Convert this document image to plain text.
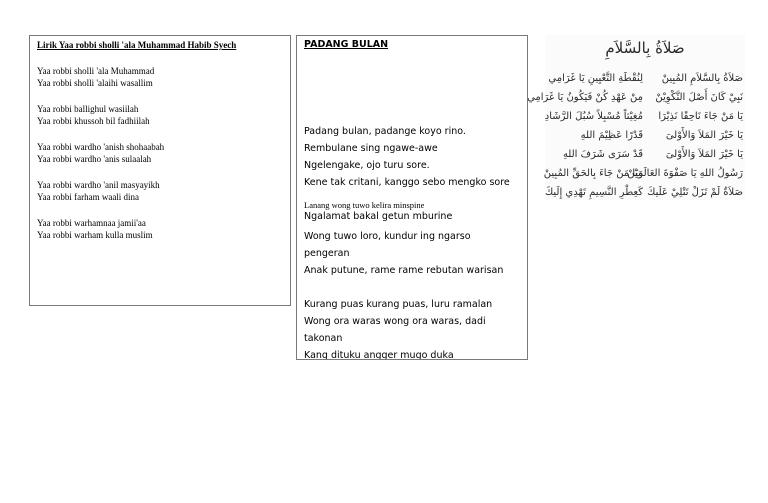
Lirik Yaa robbi sholli 'ala Muhammad Habib Syech
Yaa robbi sholli 'ala Muhammad
Yaa robbi sholli 'alaihi wasallim
Yaa robbi ballighul wasiilah
Yaa robbi khussoh bil fadhiilah
Yaa robbi wardho 'anish shohaabah
Yaa robbi wardho 'anis sulaalah
Yaa robbi wardho 'anil masyayikh
Yaa robbi farham waali dina
Yaa robbi warhamnaa jamii'aa
Yaa robbi warham kulla muslim
PADANG BULAN
Padang bulan, padange koyo rino.
Rembulane sing ngawe-awe
Ngelengake, ojo turu sore.
Kene tak critani, kanggo sebo mengko sore
Lanang wong tuwo kelira minspine
Ngalamat bakal getun mburine
Wong tuwo loro, kundur ing ngarso
pengeran
Anak putune, rame rame rebutan warisan
Kurang puas kurang puas, luru ramalan
Wong ora waras wong ora waras, dadi
takonan
Kang dituku angger mugo duka
صَلاَةُ بِالسَّلاَمِ
صَلاَةُ بِالسَّلاَمِ المُبِينْ
نَبِيْ كَانَ أَصْلَ التَّكْوِيْنْ
يَا مَنْ جَاءَ نَاحِقًا نَذِيْرَا
يَا خَيْرَ المَلاَ وَالأَوْلىَ
يَا خَيْرَ المَلاَ وَالأَوْلىَ
رَسُولُ اللهِ يَا صَفْوَةَ العَالَمِيْنْ
صَلاَةٌ لَمْ تَزَلْ تَتْلِيْ عَلَيكَ
لِنُقْطَةِ التَّعْيِينِ يَا غَرَامِي
مِنْ عَهْدِ كُنْ فَيَكُونُ يَا غَرَامِي
مُغِيْثاً مُسْبِلاً سُبُلَ الرَّشَادِ
قَدْرًا عَظِيْمَ اللهِ
قَدْ سَرَى شَرَفَ اللهِ
وَيَا مَنْ جَاءَ بِالحَقِّ المُبِينْ
كَعِطْرِ النَّسِيمِ تَهْدِي إِلَيكَ
